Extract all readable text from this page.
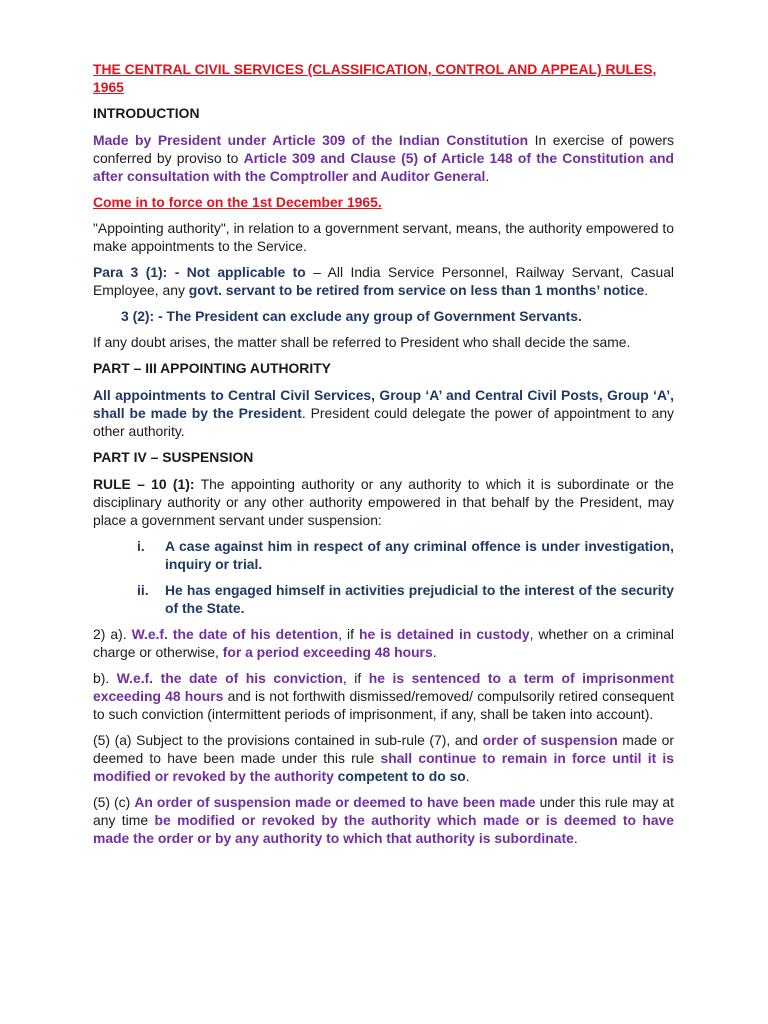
THE CENTRAL CIVIL SERVICES (CLASSIFICATION, CONTROL AND APPEAL) RULES, 1965

INTRODUCTION

Made by President under Article 309 of the Indian Constitution In exercise of powers conferred by proviso to Article 309 and Clause (5) of Article 148 of the Constitution and after consultation with the Comptroller and Auditor General.

Come in to force on the 1st December 1965.

"Appointing authority", in relation to a government servant, means, the authority empowered to make appointments to the Service.

Para 3 (1): - Not applicable to – All India Service Personnel, Railway Servant, Casual Employee, any govt. servant to be retired from service on less than 1 months’ notice.

3 (2): - The President can exclude any group of Government Servants.

If any doubt arises, the matter shall be referred to President who shall decide the same.

PART – III APPOINTING AUTHORITY

All appointments to Central Civil Services, Group ‘A’ and Central Civil Posts, Group ‘A’, shall be made by the President. President could delegate the power of appointment to any other authority.

PART IV – SUSPENSION

RULE – 10 (1): The appointing authority or any authority to which it is subordinate or the disciplinary authority or any other authority empowered in that behalf by the President, may place a government servant under suspension:

i. A case against him in respect of any criminal offence is under investigation, inquiry or trial.
ii. He has engaged himself in activities prejudicial to the interest of the security of the State.

2) a). W.e.f. the date of his detention, if he is detained in custody, whether on a criminal charge or otherwise, for a period exceeding 48 hours.

b). W.e.f. the date of his conviction, if he is sentenced to a term of imprisonment exceeding 48 hours and is not forthwith dismissed/removed/ compulsorily retired consequent to such conviction (intermittent periods of imprisonment, if any, shall be taken into account).

(5) (a) Subject to the provisions contained in sub-rule (7), and order of suspension made or deemed to have been made under this rule shall continue to remain in force until it is modified or revoked by the authority competent to do so.

(5) (c) An order of suspension made or deemed to have been made under this rule may at any time be modified or revoked by the authority which made or is deemed to have made the order or by any authority to which that authority is subordinate.
